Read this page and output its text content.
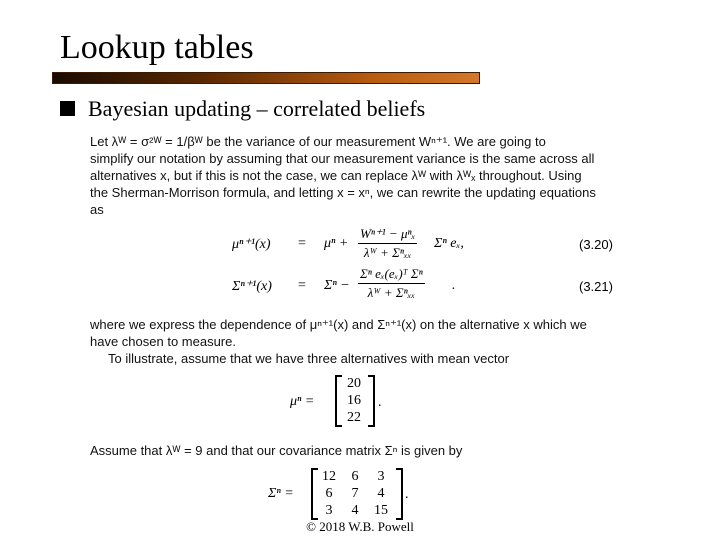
Lookup tables
Bayesian updating – correlated beliefs
Let λᵂ = σ²ᵂ = 1/βᵂ be the variance of our measurement Wⁿ⁺¹. We are going to
simplify our notation by assuming that our measurement variance is the same across all
alternatives x, but if this is not the case, we can replace λᵂ with λᵂₓ throughout. Using
the Sherman-Morrison formula, and letting x = xⁿ, we can rewrite the updating equations
as
μⁿ⁺¹(x) = μⁿ +
Wⁿ⁺¹ − μⁿₓ
λᵂ + Σⁿₓₓ
Σⁿ eₓ,	(3.20)
Σⁿ⁺¹(x) = Σⁿ −
Σⁿ eₓ(eₓ)ᵀ Σⁿ
λᵂ + Σⁿₓₓ	.	(3.21)
where we express the dependence of μⁿ⁺¹(x) and Σⁿ⁺¹(x) on the alternative x which we
have chosen to measure.
To illustrate, assume that we have three alternatives with mean vector
μⁿ =
20
16
22
.
Assume that λᵂ = 9 and that our covariance matrix Σⁿ is given by
Σⁿ =
12	6	3
6	7	4
3	4	15
.
© 2018 W.B. Powell
